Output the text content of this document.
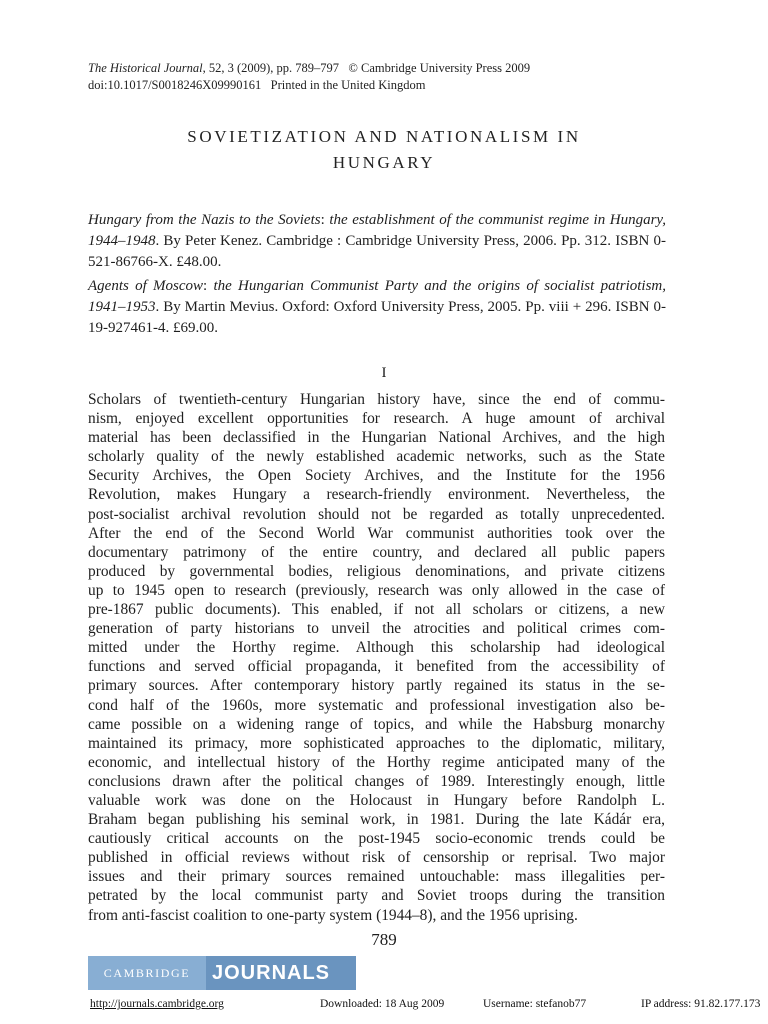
The Historical Journal, 52, 3 (2009), pp. 789–797 © Cambridge University Press 2009
doi:10.1017/S0018246X09990161 Printed in the United Kingdom
SOVIETIZATION AND NATIONALISM IN
HUNGARY
Hungary from the Nazis to the Soviets: the establishment of the communist regime in Hungary, 1944–1948. By Peter Kenez. Cambridge : Cambridge University Press, 2006. Pp. 312. ISBN 0-521-86766-X. £48.00.
Agents of Moscow: the Hungarian Communist Party and the origins of socialist patriotism, 1941–1953. By Martin Mevius. Oxford: Oxford University Press, 2005. Pp. viii + 296. ISBN 0-19-927461-4. £69.00.
I
Scholars of twentieth-century Hungarian history have, since the end of commu-
nism, enjoyed excellent opportunities for research. A huge amount of archival
material has been declassified in the Hungarian National Archives, and the high
scholarly quality of the newly established academic networks, such as the State
Security Archives, the Open Society Archives, and the Institute for the 1956
Revolution, makes Hungary a research-friendly environment. Nevertheless, the
post-socialist archival revolution should not be regarded as totally unprecedented.
After the end of the Second World War communist authorities took over the
documentary patrimony of the entire country, and declared all public papers
produced by governmental bodies, religious denominations, and private citizens
up to 1945 open to research (previously, research was only allowed in the case of
pre-1867 public documents). This enabled, if not all scholars or citizens, a new
generation of party historians to unveil the atrocities and political crimes com-
mitted under the Horthy regime. Although this scholarship had ideological
functions and served official propaganda, it benefited from the accessibility of
primary sources. After contemporary history partly regained its status in the se-
cond half of the 1960s, more systematic and professional investigation also be-
came possible on a widening range of topics, and while the Habsburg monarchy
maintained its primacy, more sophisticated approaches to the diplomatic, military,
economic, and intellectual history of the Horthy regime anticipated many of the
conclusions drawn after the political changes of 1989. Interestingly enough, little
valuable work was done on the Holocaust in Hungary before Randolph L.
Braham began publishing his seminal work, in 1981. During the late Kádár era,
cautiously critical accounts on the post-1945 socio-economic trends could be
published in official reviews without risk of censorship or reprisal. Two major
issues and their primary sources remained untouchable: mass illegalities per-
petrated by the local communist party and Soviet troops during the transition
from anti-fascist coalition to one-party system (1944–8), and the 1956 uprising.
789
CAMBRIDGE	JOURNALS
http://journals.cambridge.org	Downloaded: 18 Aug 2009	Username: stefanob77	IP address: 91.82.177.173
